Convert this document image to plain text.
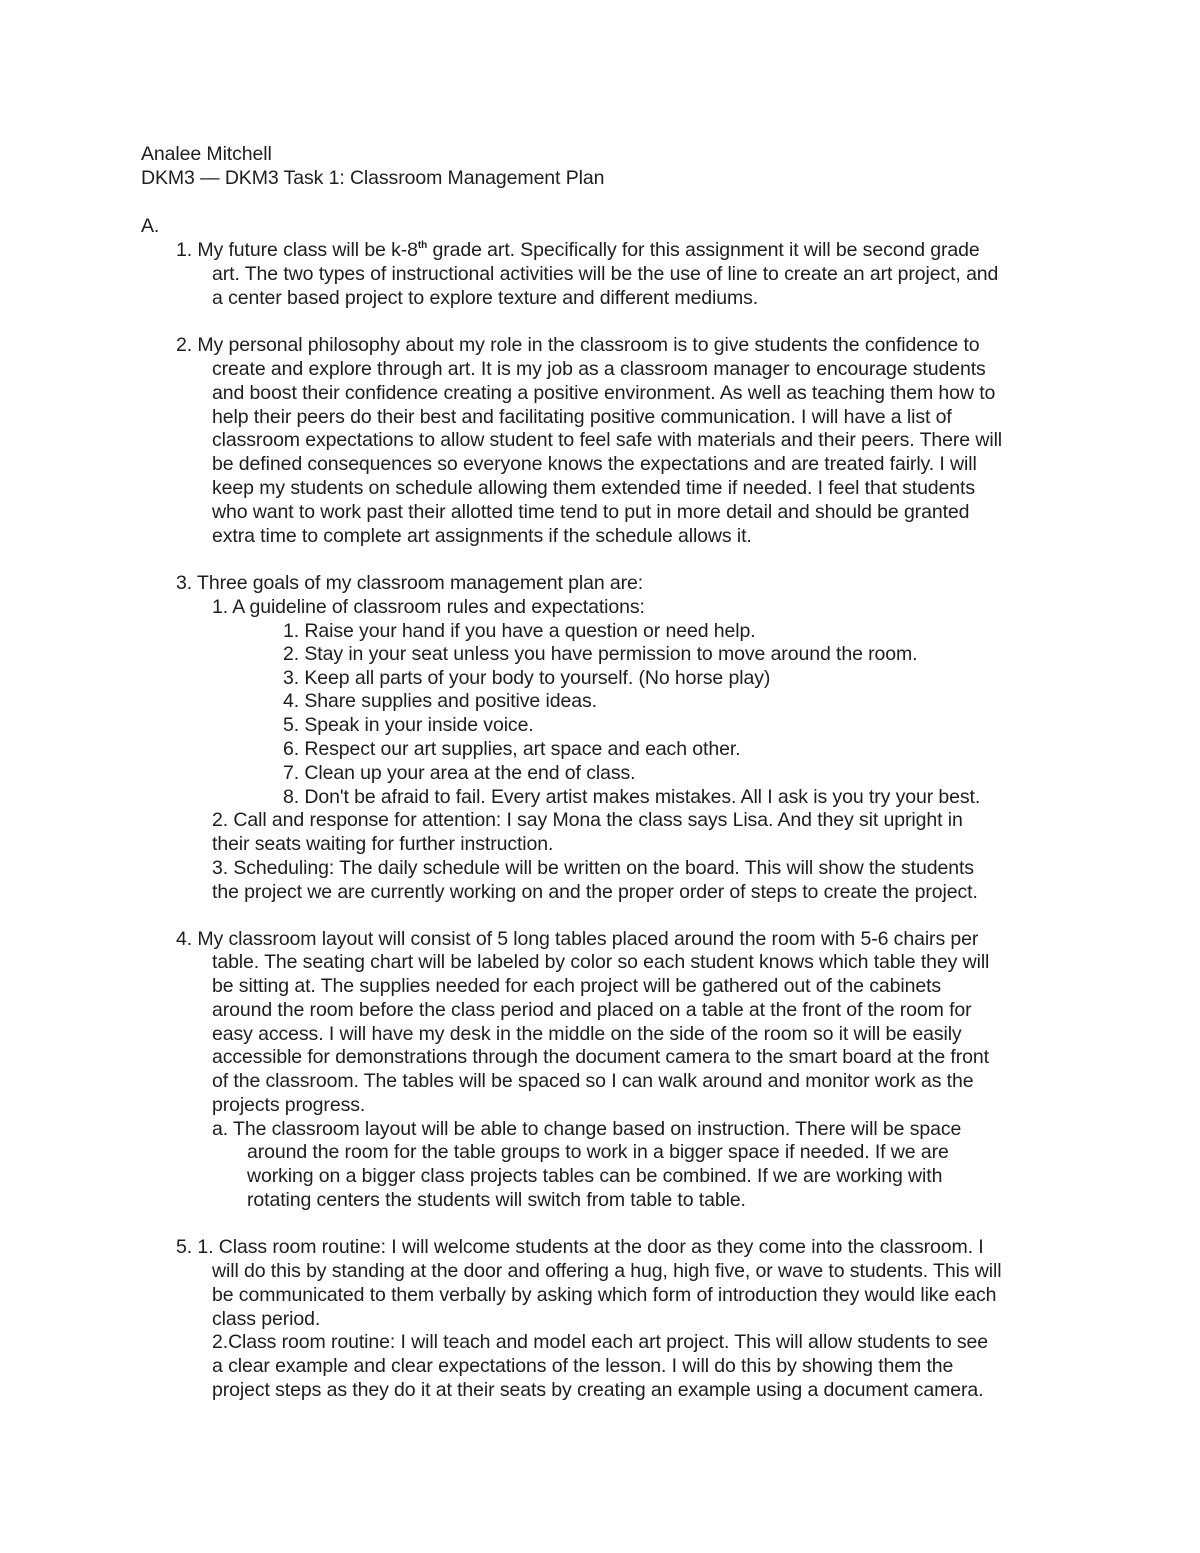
Analee Mitchell
DKM3 — DKM3 Task 1: Classroom Management Plan
A.
1. My future class will be k-8th grade art. Specifically for this assignment it will be second grade
art. The two types of instructional activities will be the use of line to create an art project, and
a center based project to explore texture and different mediums.
2. My personal philosophy about my role in the classroom is to give students the confidence to
create and explore through art. It is my job as a classroom manager to encourage students
and boost their confidence creating a positive environment. As well as teaching them how to
help their peers do their best and facilitating positive communication. I will have a list of
classroom expectations to allow student to feel safe with materials and their peers. There will
be defined consequences so everyone knows the expectations and are treated fairly. I will
keep my students on schedule allowing them extended time if needed. I feel that students
who want to work past their allotted time tend to put in more detail and should be granted
extra time to complete art assignments if the schedule allows it.
3. Three goals of my classroom management plan are:
1. A guideline of classroom rules and expectations:
1. Raise your hand if you have a question or need help.
2. Stay in your seat unless you have permission to move around the room.
3. Keep all parts of your body to yourself. (No horse play)
4. Share supplies and positive ideas.
5. Speak in your inside voice.
6. Respect our art supplies, art space and each other.
7. Clean up your area at the end of class.
8. Don't be afraid to fail. Every artist makes mistakes. All I ask is you try your best.
2. Call and response for attention: I say Mona the class says Lisa. And they sit upright in
their seats waiting for further instruction.
3. Scheduling: The daily schedule will be written on the board. This will show the students
the project we are currently working on and the proper order of steps to create the project.
4. My classroom layout will consist of 5 long tables placed around the room with 5-6 chairs per
table. The seating chart will be labeled by color so each student knows which table they will
be sitting at. The supplies needed for each project will be gathered out of the cabinets
around the room before the class period and placed on a table at the front of the room for
easy access. I will have my desk in the middle on the side of the room so it will be easily
accessible for demonstrations through the document camera to the smart board at the front
of the classroom. The tables will be spaced so I can walk around and monitor work as the
projects progress.
a. The classroom layout will be able to change based on instruction. There will be space
around the room for the table groups to work in a bigger space if needed. If we are
working on a bigger class projects tables can be combined. If we are working with
rotating centers the students will switch from table to table.
5. 1. Class room routine: I will welcome students at the door as they come into the classroom. I
will do this by standing at the door and offering a hug, high five, or wave to students. This will
be communicated to them verbally by asking which form of introduction they would like each
class period.
2.Class room routine: I will teach and model each art project. This will allow students to see
a clear example and clear expectations of the lesson. I will do this by showing them the
project steps as they do it at their seats by creating an example using a document camera.
